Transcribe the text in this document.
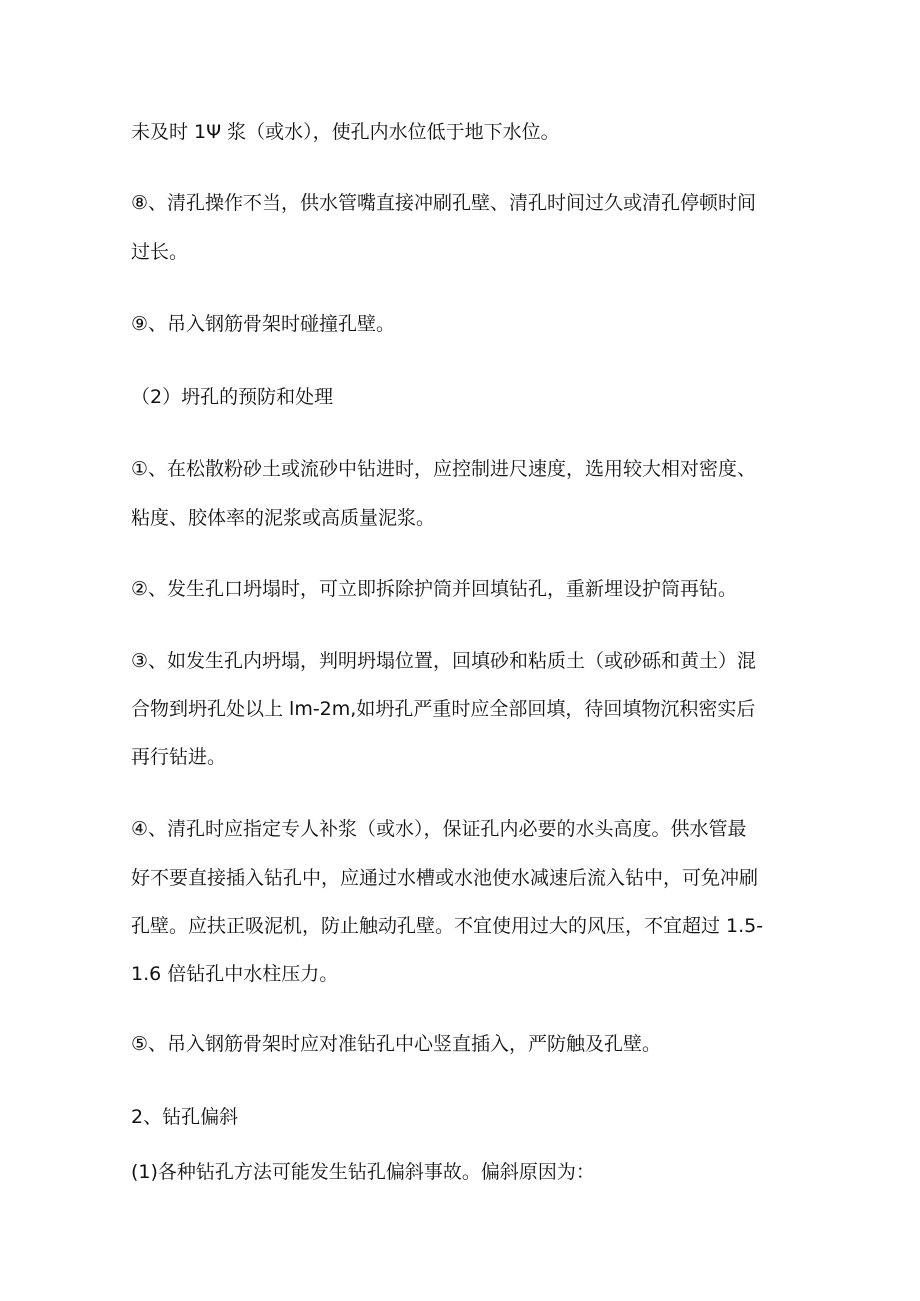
未及时 1Ψ 浆（或水），使孔内水位低于地下水位。
⑧、清孔操作不当，供水管嘴直接冲刷孔壁、清孔时间过久或清孔停顿时间
过长。
⑨、吊入钢筋骨架时碰撞孔壁。
（2）坍孔的预防和处理
①、在松散粉砂土或流砂中钻进时，应控制进尺速度，选用较大相对密度、
粘度、胶体率的泥浆或高质量泥浆。
②、发生孔口坍塌时，可立即拆除护筒并回填钻孔，重新埋设护筒再钻。
③、如发生孔内坍塌，判明坍塌位置，回填砂和粘质土（或砂砾和黄土）混
合物到坍孔处以上 lm-2m,如坍孔严重时应全部回填，待回填物沉积密实后
再行钻进。
④、清孔时应指定专人补浆（或水），保证孔内必要的水头高度。供水管最
好不要直接插入钻孔中，应通过水槽或水池使水减速后流入钻中，可免冲刷
孔壁。应扶正吸泥机，防止触动孔壁。不宜使用过大的风压，不宜超过 1.5-
1.6 倍钻孔中水柱压力。
⑤、吊入钢筋骨架时应对准钻孔中心竖直插入，严防触及孔壁。
2、钻孔偏斜
(1)各种钻孔方法可能发生钻孔偏斜事故。偏斜原因为：
